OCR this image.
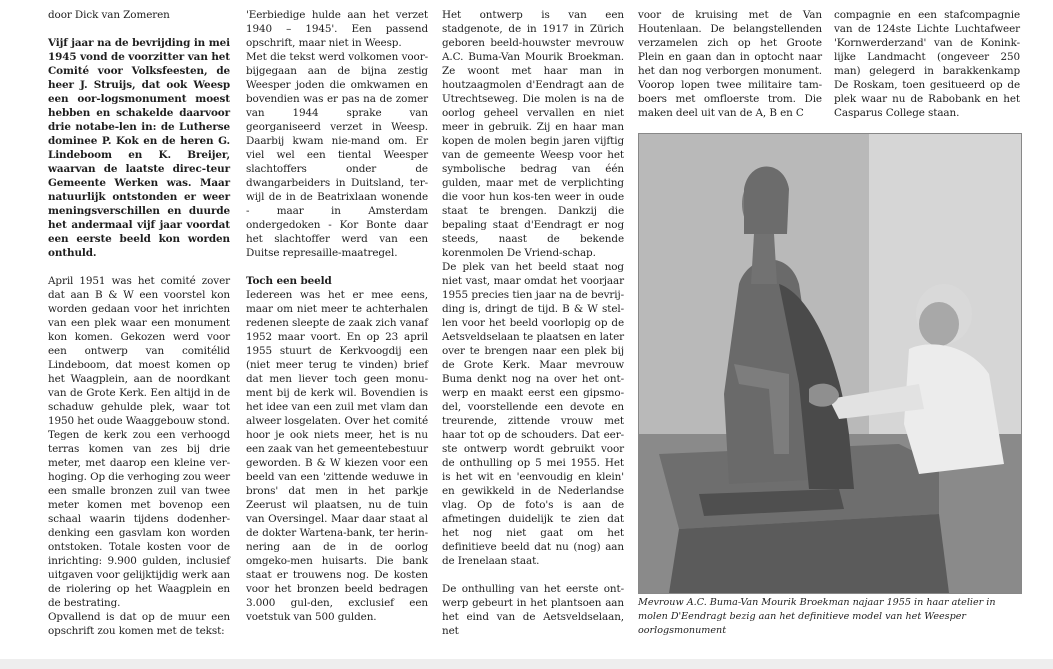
door Dick van Zomeren

Vijf jaar na de bevrijding in mei 1945 vond de voorzitter van het Comité voor Volksfeesten, de heer J. Struijs, dat ook Weesp een oor-logsmonument moest hebben en schakelde daarvoor drie notabe-len in: de Lutherse dominee P. Kok en de heren G. Lindeboom en K. Breijer, waarvan de laatste direc-teur Gemeente Werken was. Maar natuurlijk ontstonden er weer meningsverschillen en duurde het andermaal vijf jaar voordat een eerste beeld kon worden onthuld.

April 1951 was het comité zover dat aan B & W een voorstel kon worden gedaan voor het inrichten van een plek waar een monument kon komen. Gekozen werd voor een ontwerp van comitélid Lindeboom, dat moest komen op het Waagplein, aan de noordkant van de Grote Kerk. Een altijd in de schaduw gehulde plek, waar tot 1950 het oude Waaggebouw stond.

Tegen de kerk zou een verhoogd terras komen van zes bij drie meter, met daarop een kleine ver-hoging. Op die verhoging zou weer een smalle bronzen zuil van twee meter komen met bovenop een schaal waarin tijdens dodenher-denking een gasvlam kon worden ontstoken. Totale kosten voor de inrichting: 9.900 gulden, inclusief uitgaven voor gelijktijdig werk aan de riolering op het Waagplein en de bestrating.

Opvallend is dat op de muur een opschrift zou komen met de tekst:

'Eerbiedige hulde aan het verzet 1940 – 1945'. Een passend opschrift, maar niet in Weesp.

Met die tekst werd volkomen voor-bijgegaan aan de bijna zestig Weesper joden die omkwamen en bovendien was er pas na de zomer van 1944 sprake van georganiseerd verzet in Weesp. Daarbij kwam nie-mand om. Er viel wel een tiental Weesper slachtoffers onder de dwangarbeiders in Duitsland, ter-wijl de in de Beatrixlaan wonende - maar in Amsterdam ondergedoken - Kor Bonte daar het slachtoffer werd van een Duitse represaille-maatregel.

Toch een beeld

Iedereen was het er mee eens, maar om niet meer te achterhalen redenen sleepte de zaak zich vanaf 1952 maar voort. En op 23 april 1955 stuurt de Kerkvoogdij een (niet meer terug te vinden) brief dat men liever toch geen monu-ment bij de kerk wil. Bovendien is het idee van een zuil met vlam dan alweer losgelaten. Over het comité hoor je ook niets meer, het is nu een zaak van het gemeentebestuur geworden. B & W kiezen voor een beeld van een 'zittende weduwe in brons' dat men in het parkje Zeerust wil plaatsen, nu de tuin van Oversingel. Maar daar staat al de dokter Wartena-bank, ter herin-nering aan de in de oorlog omgeko-men huisarts. Die bank staat er trouwens nog. De kosten voor het bronzen beeld bedragen 3.000 gul-den, exclusief een voetstuk van 500 gulden.

Het ontwerp is van een stadgenote, de in 1917 in Zürich geboren beeld-houwster mevrouw A.C. Buma-Van Mourik Broekman. Ze woont met haar man in houtzaagmolen d'Eendragt aan de Utrechtseweg. Die molen is na de oorlog geheel vervallen en niet meer in gebruik. Zij en haar man kopen de molen begin jaren vijftig van de gemeente Weesp voor het symbolische bedrag van één gulden, maar met de verplichting die voor hun kos-ten weer in oude staat te brengen. Dankzij die bepaling staat d'Eendragt er nog steeds, naast de bekende korenmolen De Vriend-schap.

De plek van het beeld staat nog niet vast, maar omdat het voorjaar 1955 precies tien jaar na de bevrij-ding is, dringt de tijd. B & W stel-len voor het beeld voorlopig op de Aetsveldselaan te plaatsen en later over te brengen naar een plek bij de Grote Kerk. Maar mevrouw Buma denkt nog na over het ont-werp en maakt eerst een gipsmo-del, voorstellende een devote en treurende, zittende vrouw met haar tot op de schouders. Dat eer-ste ontwerp wordt gebruikt voor de onthulling op 5 mei 1955. Het is het wit en 'eenvoudig en klein' en gewikkeld in de Nederlandse vlag. Op de foto's is aan de afmetingen duidelijk te zien dat het nog niet gaat om het definitieve beeld dat nu (nog) aan de Irenelaan staat.

De onthulling van het eerste ont-werp gebeurt in het plantsoen aan het eind van de Aetsveldselaan, net

voor de kruising met de Van Houtenlaan. De belangstellenden verzamelen zich op het Groote Plein en gaan dan in optocht naar het dan nog verborgen monument. Voorop lopen twee militaire tam-boers met omfloerste trom. Die maken deel uit van de A, B en C

compagnie en een stafcompagnie van de 124ste Lichte Luchtafweer 'Kornwerderzand' van de Konink-lijke Landmacht (ongeveer 250 man) gelegerd in barakkenkamp De Roskam, toen gesitueerd op de plek waar nu de Rabobank en het Casparus College staan.

Mevrouw A.C. Buma-Van Mourik Broekman najaar 1955 in haar atelier in molen D'Eendragt bezig aan het definitieve model van het Weesper oorlogsmonument
